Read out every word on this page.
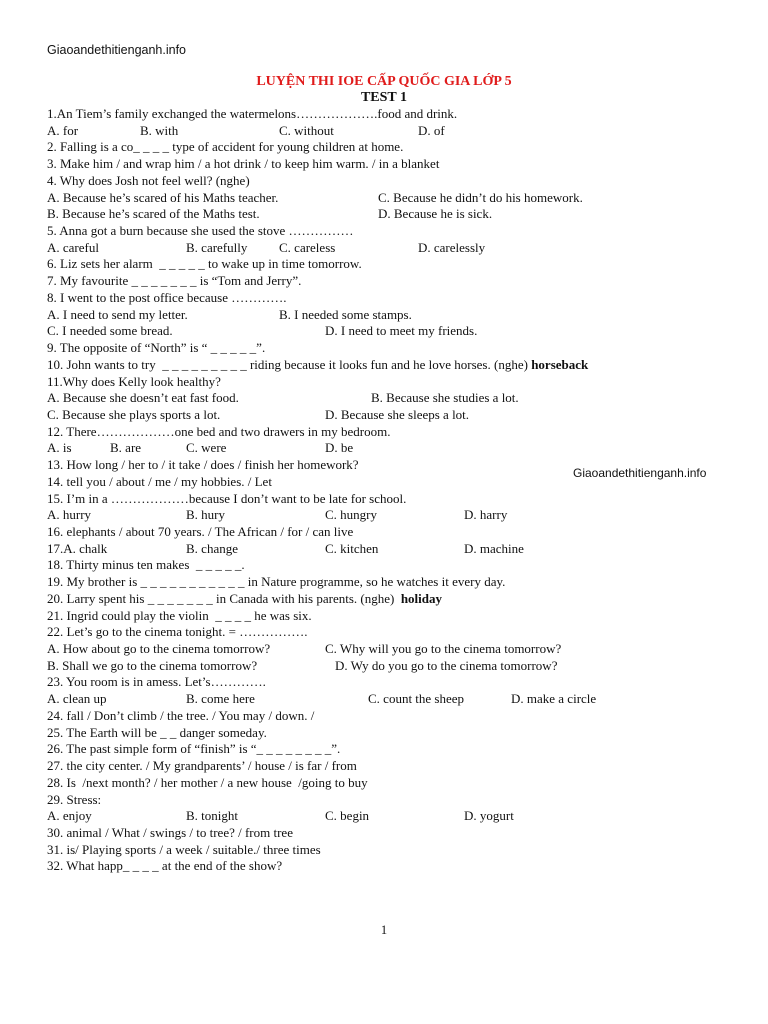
Giaoandethitienganh.info
LUYỆN THI IOE CẤP QUỐC GIA LỚP 5
TEST 1
1.An Tiem’s family exchanged the watermelons……………….food and drink.
A. for	B. with	C. without	D. of
2. Falling is a co_ _ _ _ type of accident for young children at home.
3. Make him / and wrap him / a hot drink / to keep him warm. / in a blanket
4. Why does Josh not feel well? (nghe)
A. Because he’s scared of his Maths teacher.	C. Because he didn’t do his homework.
B. Because he’s scared of the Maths test.	D. Because he is sick.
5. Anna got a burn because she used the stove ……………
A. careful	B. carefully C. careless	D. carelessly
6. Liz sets her alarm  _ _ _ _ _ to wake up in time tomorrow.
7. My favourite _ _ _ _ _ _ _ is “Tom and Jerry”.
8. I went to the post office because ………….
A. I need to send my letter.	B. I needed some stamps.
C. I needed some bread.	D. I need to meet my friends.
9. The opposite of “North” is “ _ _ _ _ _”.
10. John wants to try  _ _ _ _ _ _ _ _ _ riding because it looks fun and he love horses. (nghe) horseback
11.Why does Kelly look healthy?
A. Because she doesn’t eat fast food.	B. Because she studies a lot.
C. Because she plays sports a lot.	D. Because she sleeps a lot.
12. There………………one bed and two drawers in my bedroom.
A. is	B. are	C. were	D. be
13. How long / her to / it take / does / finish her homework?
14. tell you / about / me / my hobbies. / Let
15. I’m in a ………………because I don’t want to be late for school.
A. hurry	B. hury	C. hungry	D. harry
16. elephants / about 70 years. / The African / for / can live
17.A. chalk	B. change	C. kitchen	D. machine
18. Thirty minus ten makes  _ _ _ _ _.
19. My brother is _ _ _ _ _ _ _ _ _ _ _ in Nature programme, so he watches it every day.
20. Larry spent his _ _ _ _ _ _ _ in Canada with his parents. (nghe)  holiday
21. Ingrid could play the violin  _ _ _ _ he was six.
22. Let’s go to the cinema tonight. = …………….
A. How about go to the cinema tomorrow?	C. Why will you go to the cinema tomorrow?
B. Shall we go to the cinema tomorrow?	D. Wy do you go to the cinema tomorrow?
23. You room is in amess. Let’s………….
A. clean up	B. come here	C. count the sheep	D. make a circle
24. fall / Don’t climb / the tree. / You may / down. /
25. The Earth will be _ _ danger someday.
26. The past simple form of “finish” is “_ _ _ _ _ _ _ _”.
27. the city center. / My grandparents’ / house / is far / from
28. Is  /next month? / her mother / a new house  /going to buy
29. Stress:
A. enjoy	B. tonight	C. begin	D. yogurt
30. animal / What / swings / to tree? / from tree
31. is/ Playing sports / a week / suitable./ three times
32. What happ_ _ _ _ at the end of the show?
Giaoandethitienganh.info
1
